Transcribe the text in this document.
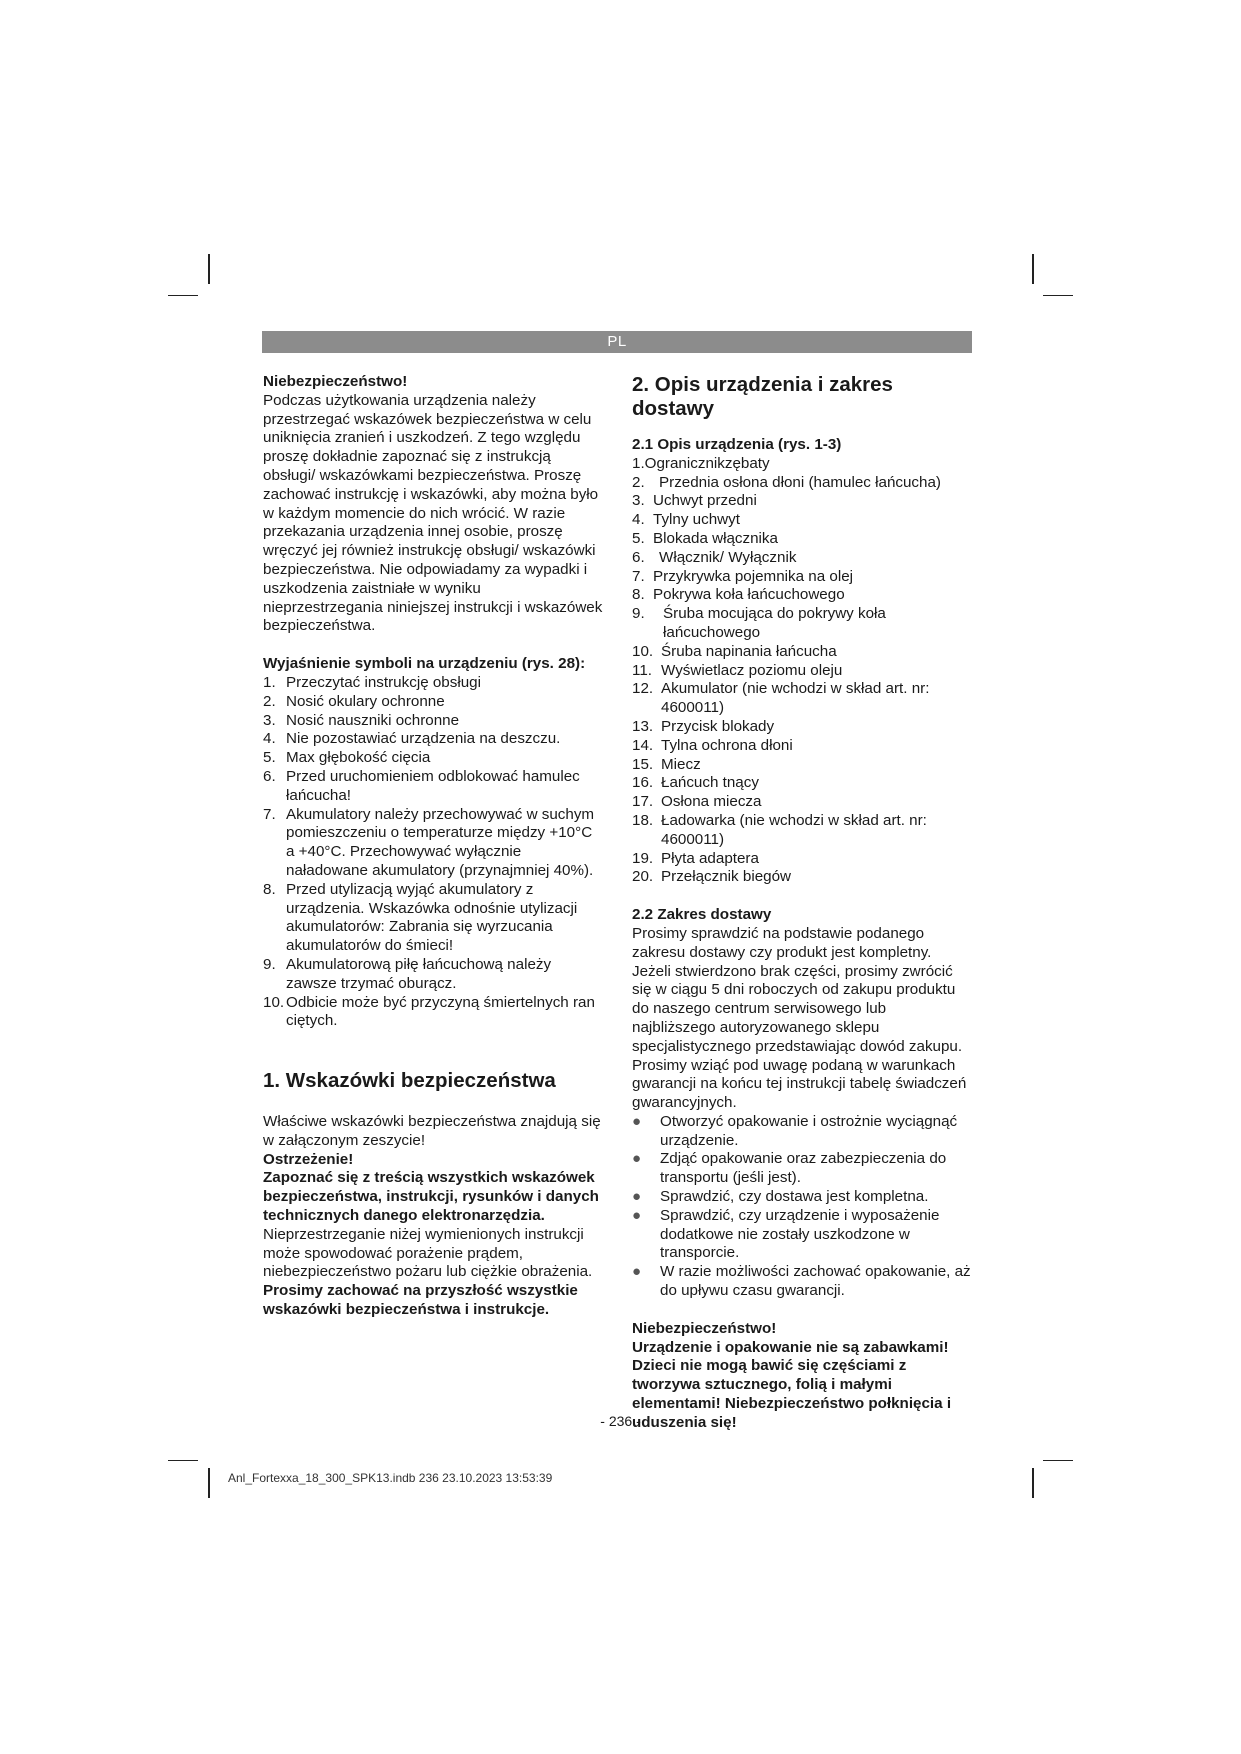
PL

Niebezpieczeństwo!

Podczas użytkowania urządzenia należy przestrzegać wskazówek bezpieczeństwa w celu uniknięcia zranień i uszkodzeń. Z tego względu proszę dokładnie zapoznać się z instrukcją obsługi/ wskazówkami bezpieczeństwa. Proszę zachować instrukcję i wskazówki, aby można było w każdym momencie do nich wrócić. W razie przekazania urządzenia innej osobie, proszę wręczyć jej również instrukcję obsługi/ wskazówki bezpieczeństwa. Nie odpowiadamy za wypadki i uszkodzenia zaistniałe w wyniku nieprzestrzegania niniejszej instrukcji i wskazówek bezpieczeństwa.

Wyjaśnienie symboli na urządzeniu (rys. 28):

1. Przeczytać instrukcję obsługi
2. Nosić okulary ochronne
3. Nosić nauszniki ochronne
4. Nie pozostawiać urządzenia na deszczu.
5. Max głębokość cięcia
6. Przed uruchomieniem odblokować hamulec łańcucha!
7. Akumulatory należy przechowywać w suchym pomieszczeniu o temperaturze między +10°C a +40°C. Przechowywać wyłącznie naładowane akumulatory (przynajmniej 40%).
8. Przed utylizacją wyjąć akumulatory z urządzenia. Wskazówka odnośnie utylizacji akumulatorów: Zabrania się wyrzucania akumulatorów do śmieci!
9. Akumulatorową piłę łańcuchową należy zawsze trzymać oburącz.
10. Odbicie może być przyczyną śmiertelnych ran ciętych.

1. Wskazówki bezpieczeństwa

Właściwe wskazówki bezpieczeństwa znajdują się w załączonym zeszycie!

Ostrzeżenie!

Zapoznać się z treścią wszystkich wskazówek bezpieczeństwa, instrukcji, rysunków i danych technicznych danego elektronarzędzia. Nieprzestrzeganie niżej wymienionych instrukcji może spowodować porażenie prądem, niebezpieczeństwo pożaru lub ciężkie obrażenia.

Prosimy zachować na przyszłość wszystkie wskazówki bezpieczeństwa i instrukcje.

2. Opis urządzenia i zakres dostawy

2.1 Opis urządzenia (rys. 1-3)

1.Ogranicznikzębaty
2. Przednia osłona dłoni (hamulec łańcucha)
3. Uchwyt przedni
4. Tylny uchwyt
5. Blokada włącznika
6. Włącznik/ Wyłącznik
7. Przykrywka pojemnika na olej
8. Pokrywa koła łańcuchowego
9. Śruba mocująca do pokrywy koła łańcuchowego
10. Śruba napinania łańcucha
11. Wyświetlacz poziomu oleju
12. Akumulator (nie wchodzi w skład art. nr: 4600011)
13. Przycisk blokady
14. Tylna ochrona dłoni
15. Miecz
16. Łańcuch tnący
17. Osłona miecza
18. Ładowarka (nie wchodzi w skład art. nr: 4600011)
19. Płyta adaptera
20. Przełącznik biegów

2.2 Zakres dostawy

Prosimy sprawdzić na podstawie podanego zakresu dostawy czy produkt jest kompletny. Jeżeli stwierdzono brak części, prosimy zwrócić się w ciągu 5 dni roboczych od zakupu produktu do naszego centrum serwisowego lub najbliższego autoryzowanego sklepu specjalistycznego przedstawiając dowód zakupu. Prosimy wziąć pod uwagę podaną w warunkach gwarancji na końcu tej instrukcji tabelę świadczeń gwarancyjnych.

● Otworzyć opakowanie i ostrożnie wyciągnąć urządzenie.
● Zdjąć opakowanie oraz zabezpieczenia do transportu (jeśli jest).
● Sprawdzić, czy dostawa jest kompletna.
● Sprawdzić, czy urządzenie i wyposażenie dodatkowe nie zostały uszkodzone w transporcie.
● W razie możliwości zachować opakowanie, aż do upływu czasu gwarancji.

Niebezpieczeństwo!

Urządzenie i opakowanie nie są zabawkami! Dzieci nie mogą bawić się częściami z tworzywa sztucznego, folią i małymi elementami! Niebezpieczeństwo połknięcia i uduszenia się!

- 236 -
Anl_Fortexxa_18_300_SPK13.indb 236 23.10.2023 13:53:39
